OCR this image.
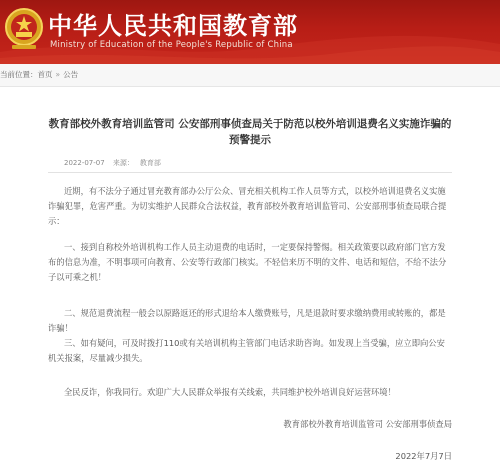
中华人民共和国教育部
Ministry of Education of the People's Republic of China
当前位置：首页 » 公告
教育部校外教育培训监管司 公安部刑事侦查局关于防范以校外培训退费名义实施诈骗的预警提示
2022-07-07 来源： 教育部

近期，有不法分子通过冒充教育部办公厅公众、冒充相关机构工作人员等方式，以校外培训退费名义实施诈骗犯罪，危害严重。为切实维护人民群众合法权益，教育部校外教育培训监管司、公安部刑事侦查局联合提示：

一、接到自称校外培训机构工作人员主动退费的电话时，一定要保持警惕。相关政策要以政府部门官方发布的信息为准，不明事项可向教育、公安等行政部门核实。不轻信来历不明的文件、电话和短信，不给不法分子以可乘之机！

二、规范退费流程一般会以原路返还的形式退给本人缴费账号，凡是退款时要求缴纳费用或转账的，都是诈骗！

三、如有疑问，可及时拨打110或有关培训机构主管部门电话求助咨询。如发现上当受骗，应立即向公安机关报案，尽量减少损失。

全民反诈，你我同行。欢迎广大人民群众举报有关线索，共同维护校外培训良好运营环境！

教育部校外教育培训监管司 公安部刑事侦查局
2022年7月7日
